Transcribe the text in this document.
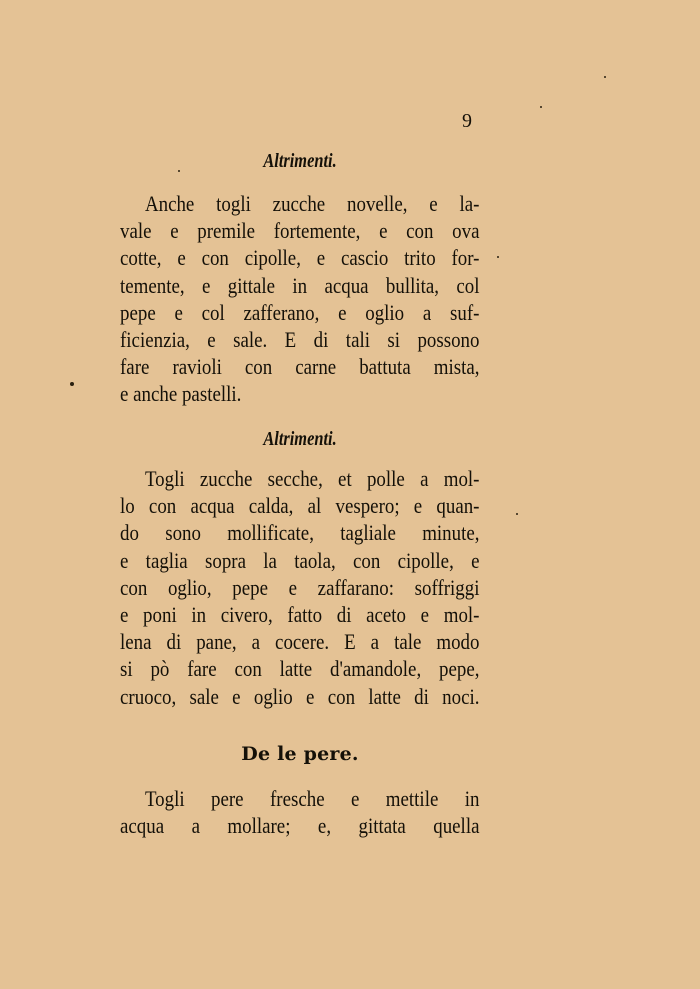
9
Altrimenti.
Anche togli zucche novelle, e la-
vale e premile fortemente, e con ova
cotte, e con cipolle, e cascio trito for-
temente, e gittale in acqua bullita, col
pepe e col zafferano, e oglio a suf-
ficienzia, e sale. E di tali si possono
fare ravioli con carne battuta mista,
e anche pastelli.
Altrimenti.
Togli zucche secche, et polle a mol-
lo con acqua calda, al vespero; e quan-
do sono mollificate, tagliale minute,
e taglia sopra la taola, con cipolle, e
con oglio, pepe e zaffarano: soffriggi
e poni in civero, fatto di aceto e mol-
lena di pane, a cocere. E a tale modo
si pò fare con latte d'amandole, pepe,
cruoco, sale e oglio e con latte di noci.
De le pere.
Togli pere fresche e mettile in
acqua a mollare; e, gittata quella
